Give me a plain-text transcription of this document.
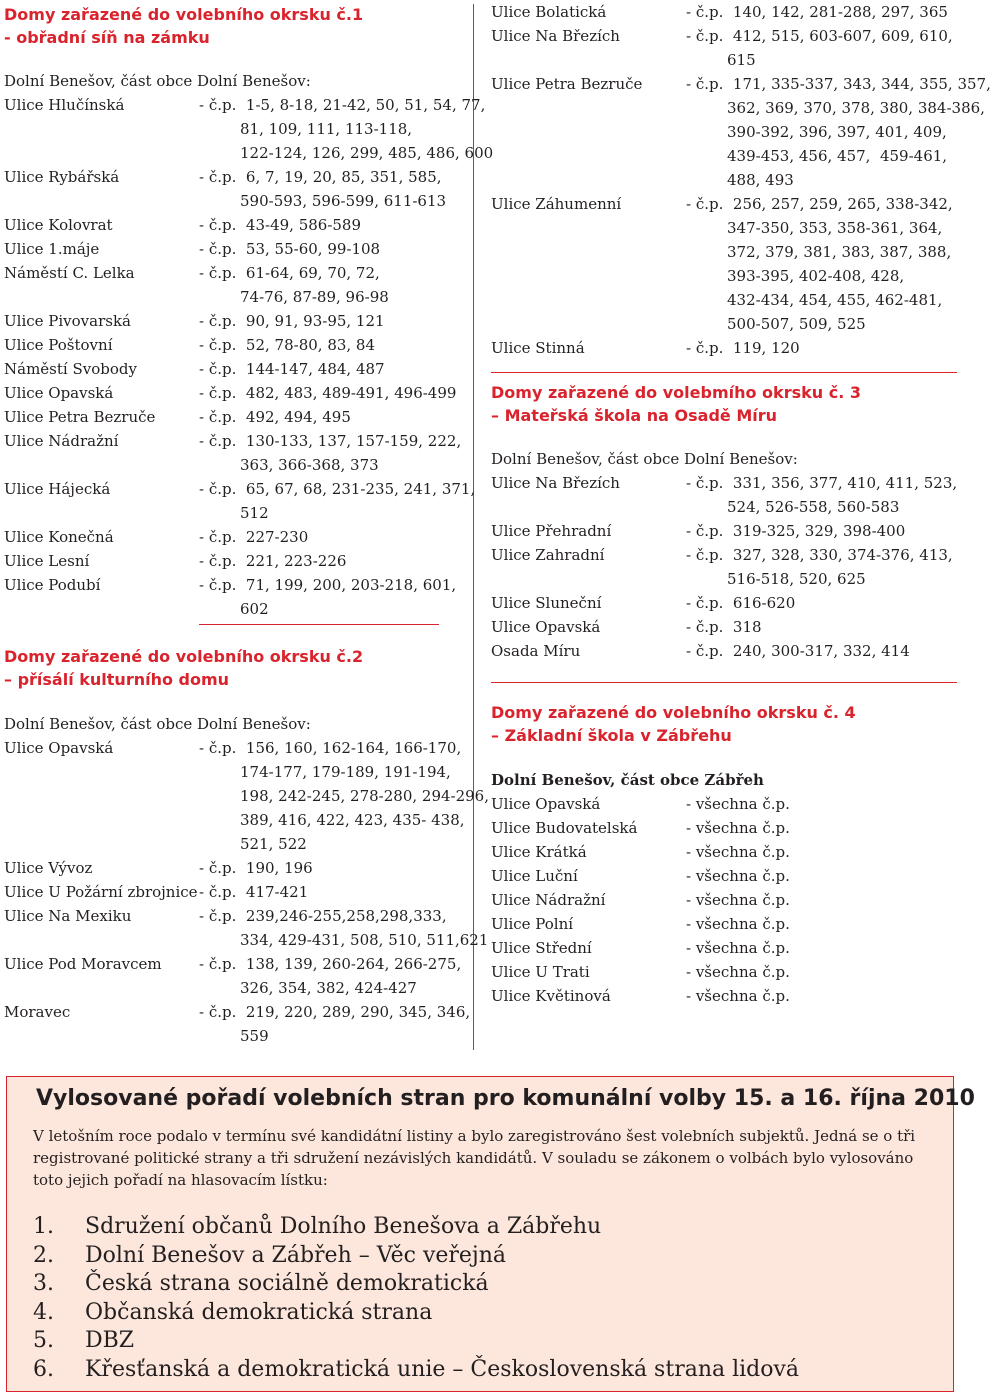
Domy zařazené do volebního okrsku č.1
- obřadní síň na zámku
Dolní Benešov, část obce Dolní Benešov:
Ulice Hlučínská	- č.p.  1-5, 8-18, 21-42, 50, 51, 54, 77,
81, 109, 111, 113-118,
122-124, 126, 299, 485, 486, 600
Ulice Rybářská	- č.p.  6, 7, 19, 20, 85, 351, 585,
590-593, 596-599, 611-613
Ulice Kolovrat	- č.p.  43-49, 586-589
Ulice 1.máje	- č.p.  53, 55-60, 99-108
Náměstí C. Lelka	- č.p.  61-64, 69, 70, 72,
74-76, 87-89, 96-98
Ulice Pivovarská	- č.p.  90, 91, 93-95, 121
Ulice Poštovní	- č.p.  52, 78-80, 83, 84
Náměstí Svobody	- č.p.  144-147, 484, 487
Ulice Opavská	- č.p.  482, 483, 489-491, 496-499
Ulice Petra Bezruče	- č.p.  492, 494, 495
Ulice Nádražní	- č.p.  130-133, 137, 157-159, 222,
363, 366-368, 373
Ulice Hájecká	- č.p.  65, 67, 68, 231-235, 241, 371,
512
Ulice Konečná	- č.p.  227-230
Ulice Lesní	- č.p.  221, 223-226
Ulice Podubí	- č.p.  71, 199, 200, 203-218, 601,
602
Domy zařazené do volebního okrsku č.2
– přísálí kulturního domu
Dolní Benešov, část obce Dolní Benešov:
Ulice Opavská	- č.p.  156, 160, 162-164, 166-170,
174-177, 179-189, 191-194,
198, 242-245, 278-280, 294-296,
389, 416, 422, 423, 435- 438,
521, 522
Ulice Vývoz	- č.p.  190, 196
Ulice U Požární zbrojnice - č.p.  417-421
Ulice Na Mexiku	- č.p.  239,246-255,258,298,333,
334, 429-431, 508, 510, 511,621
Ulice Pod Moravcem	- č.p.  138, 139, 260-264, 266-275,
326, 354, 382, 424-427
Moravec	- č.p.  219, 220, 289, 290, 345, 346,
559
Ulice Bolatická	- č.p.  140, 142, 281-288, 297, 365
Ulice Na Březích	- č.p.  412, 515, 603-607, 609, 610,
615
Ulice Petra Bezruče	- č.p.  171, 335-337, 343, 344, 355, 357,
362, 369, 370, 378, 380, 384-386,
390-392, 396, 397, 401, 409,
439-453, 456, 457,  459-461,
488, 493
Ulice Záhumenní	- č.p.  256, 257, 259, 265, 338-342,
347-350, 353, 358-361, 364,
372, 379, 381, 383, 387, 388,
393-395, 402-408, 428,
432-434, 454, 455, 462-481,
500-507, 509, 525
Ulice Stinná	- č.p.  119, 120
Domy zařazené do volebmího okrsku č. 3
– Mateřská škola na Osadě Míru
Dolní Benešov, část obce Dolní Benešov:
Ulice Na Březích	- č.p.  331, 356, 377, 410, 411, 523,
524, 526-558, 560-583
Ulice Přehradní	- č.p.  319-325, 329, 398-400
Ulice Zahradní	- č.p.  327, 328, 330, 374-376, 413,
516-518, 520, 625
Ulice Sluneční	- č.p.  616-620
Ulice Opavská	- č.p.  318
Osada Míru	- č.p.  240, 300-317, 332, 414
Domy zařazené do volebního okrsku č. 4
– Základní škola v Zábřehu
Dolní Benešov, část obce Zábřeh
Ulice Opavská	- všechna č.p.
Ulice Budovatelská	- všechna č.p.
Ulice Krátká	- všechna č.p.
Ulice Luční	- všechna č.p.
Ulice Nádražní	- všechna č.p.
Ulice Polní	- všechna č.p.
Ulice Střední	- všechna č.p.
Ulice U Trati	- všechna č.p.
Ulice Květinová	- všechna č.p.
Vylosované pořadí volebních stran pro komunální volby 15. a 16. října 2010
V letošním roce podalo v termínu své kandidátní listiny a bylo zaregistrováno šest volebních subjektů. Jedná se o tři registrované politické strany a tři sdružení nezávislých kandidátů. V souladu se zákonem o volbách bylo vylosováno toto jejich pořadí na hlasovacím lístku:
1.	Sdružení občanů Dolního Benešova a Zábřehu
2.	Dolní Benešov a Zábřeh – Věc veřejná
3.	Česká strana sociálně demokratická
4.	Občanská demokratická strana
5.	DBZ
6.	Křesťanská a demokratická unie – Československá strana lidová
